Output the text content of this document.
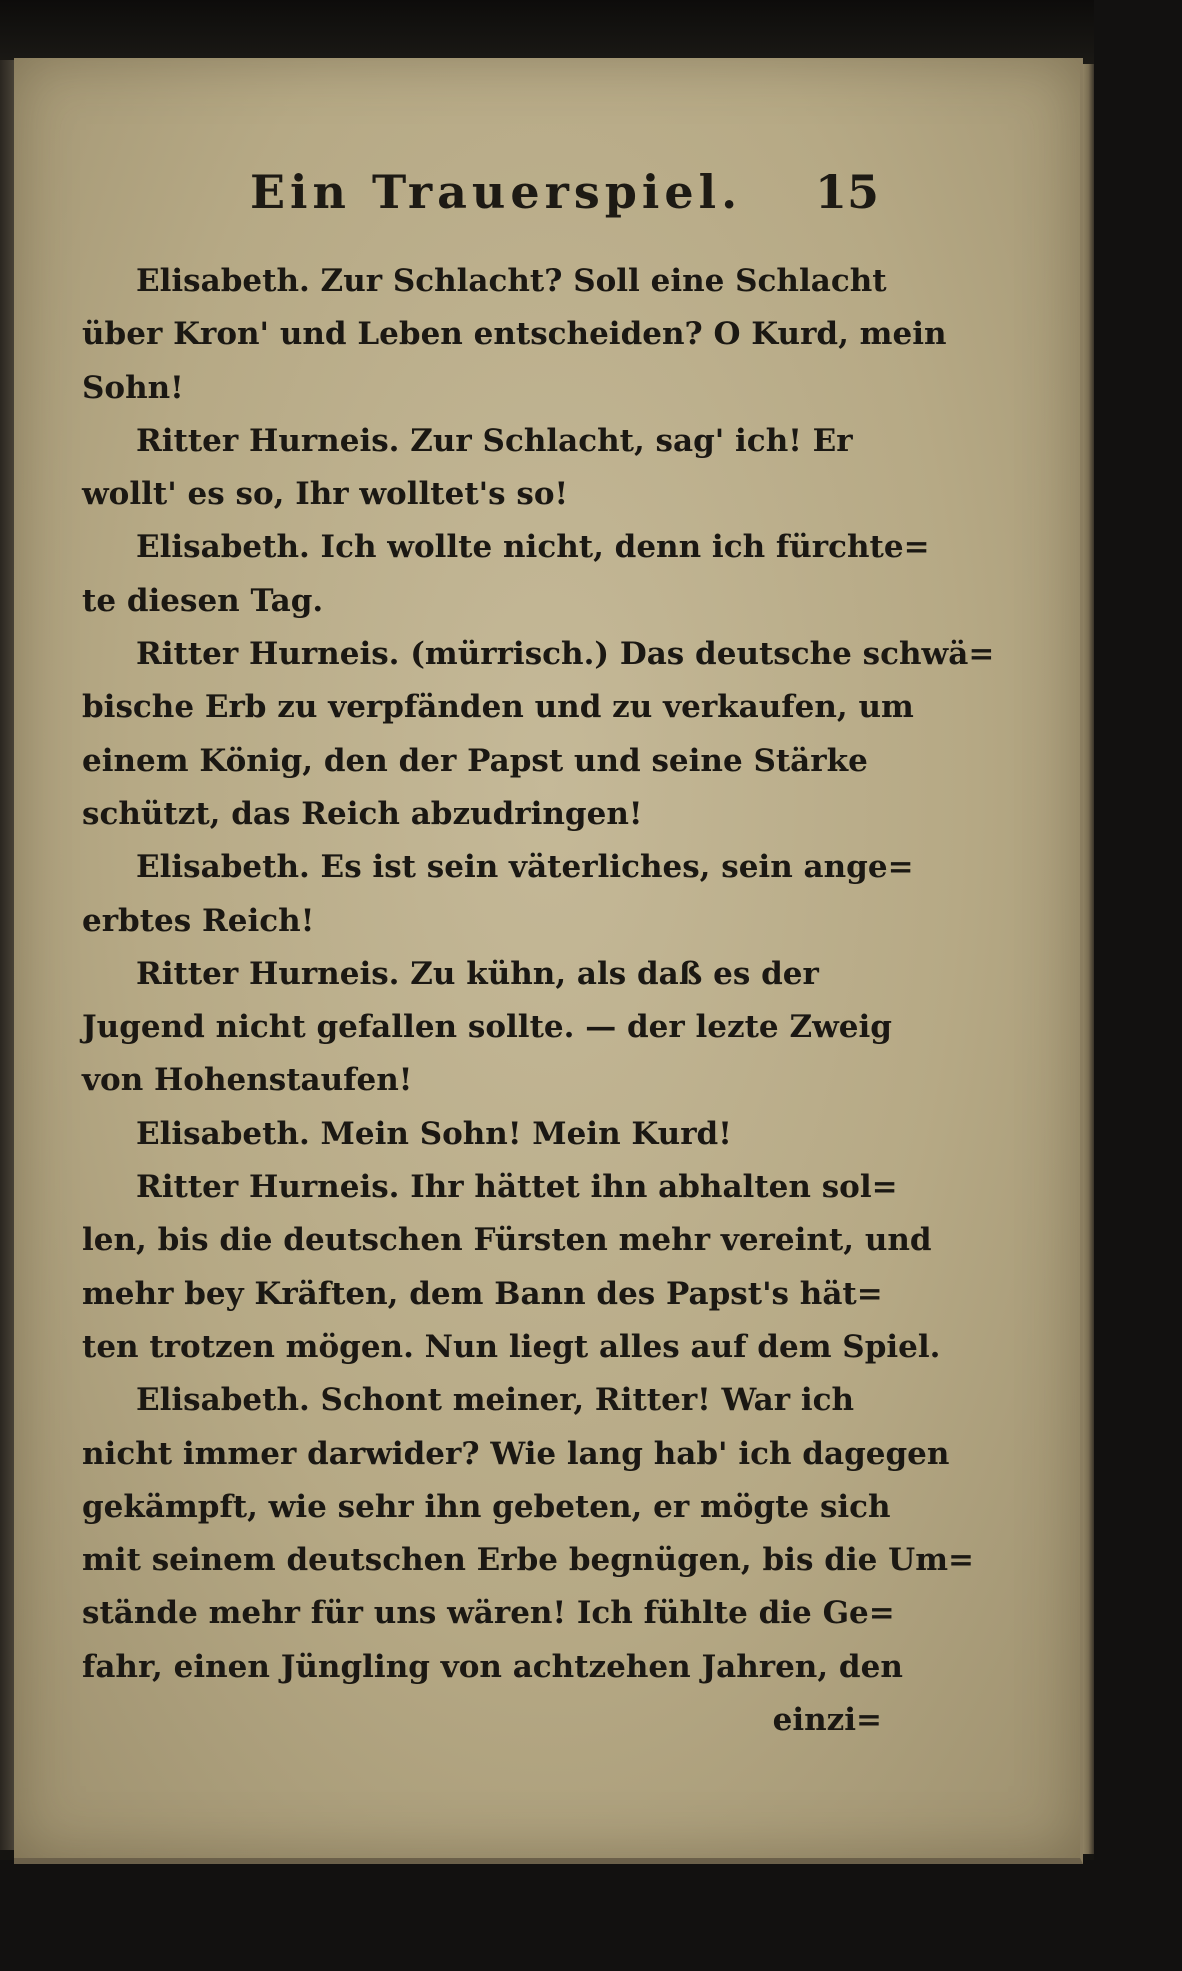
Ein Trauerspiel. 15
Elisabeth. Zur Schlacht? Soll eine Schlacht
über Kron' und Leben entscheiden? O Kurd, mein
Sohn!
Ritter Hurneis. Zur Schlacht, sag' ich! Er
wollt' es so, Ihr wolltet's so!
Elisabeth. Ich wollte nicht, denn ich fürchte=
te diesen Tag.
Ritter Hurneis. (mürrisch.) Das deutsche schwä=
bische Erb zu verpfänden und zu verkaufen, um
einem König, den der Papst und seine Stärke
schützt, das Reich abzudringen!
Elisabeth. Es ist sein väterliches, sein ange=
erbtes Reich!
Ritter Hurneis. Zu kühn, als daß es der
Jugend nicht gefallen sollte. — der lezte Zweig
von Hohenstaufen!
Elisabeth. Mein Sohn! Mein Kurd!
Ritter Hurneis. Ihr hättet ihn abhalten sol=
len, bis die deutschen Fürsten mehr vereint, und
mehr bey Kräften, dem Bann des Papst's hät=
ten trotzen mögen. Nun liegt alles auf dem Spiel.
Elisabeth. Schont meiner, Ritter! War ich
nicht immer darwider? Wie lang hab' ich dagegen
gekämpft, wie sehr ihn gebeten, er mögte sich
mit seinem deutschen Erbe begnügen, bis die Um=
stände mehr für uns wären! Ich fühlte die Ge=
fahr, einen Jüngling von achtzehen Jahren, den
einzi=
